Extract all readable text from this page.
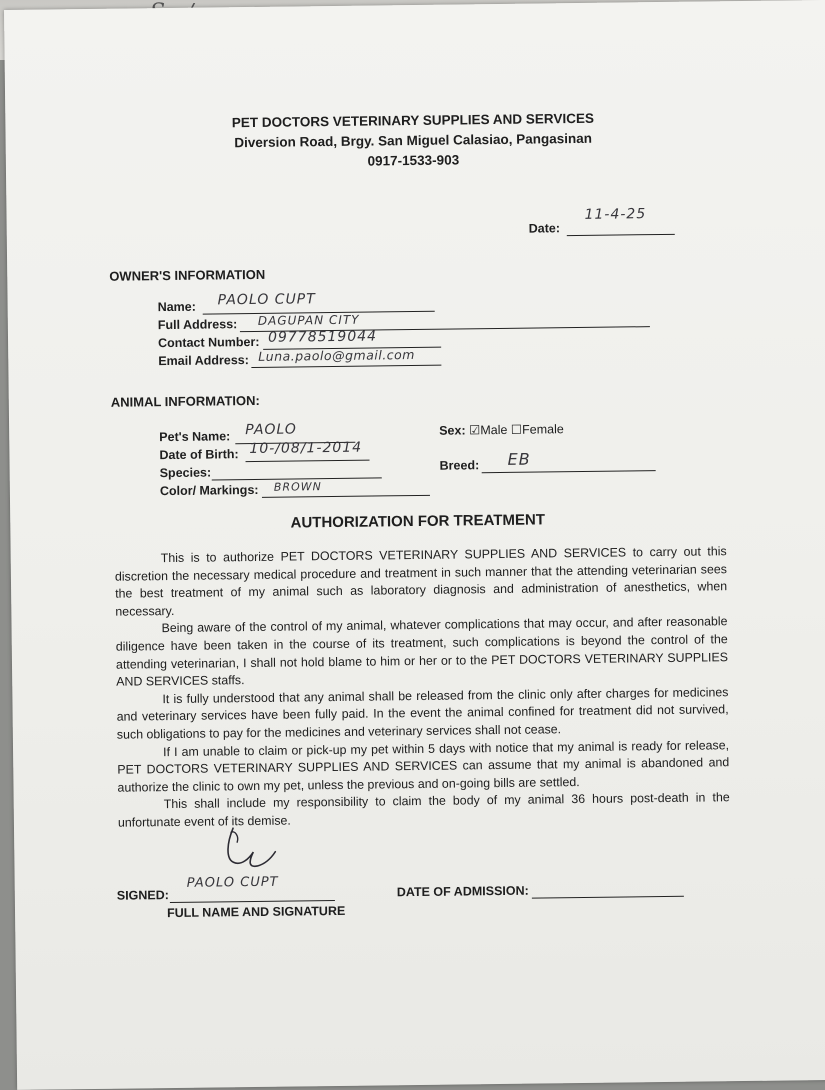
PET DOCTORS VETERINARY SUPPLIES AND SERVICES
Diversion Road, Brgy. San Miguel Calasiao, Pangasinan
0917-1533-903
Date:
11-4-25
OWNER'S INFORMATION
Name: PAOLO CUPT
Full Address: DAGUPAN CITY
Contact Number: 09778519044
Email Address: Luna.paolo@gmail.com
ANIMAL INFORMATION:
Pet's Name: PAOLO
Date of Birth: 10-/08/1-2014
Species:
Color/ Markings: BROWN
Sex: ☑Male ☐Female
Breed: EB
AUTHORIZATION FOR TREATMENT

This is to authorize PET DOCTORS VETERINARY SUPPLIES AND SERVICES to carry out this discretion the necessary medical procedure and treatment in such manner that the attending veterinarian sees the best treatment of my animal such as laboratory diagnosis and administration of anesthetics, when necessary.

Being aware of the control of my animal, whatever complications that may occur, and after reasonable diligence have been taken in the course of its treatment, such complications is beyond the control of the attending veterinarian, I shall not hold blame to him or her or to the PET DOCTORS VETERINARY SUPPLIES AND SERVICES staffs.

It is fully understood that any animal shall be released from the clinic only after charges for medicines and veterinary services have been fully paid. In the event the animal confined for treatment did not survived, such obligations to pay for the medicines and veterinary services shall not cease.

If I am unable to claim or pick-up my pet within 5 days with notice that my animal is ready for release, PET DOCTORS VETERINARY SUPPLIES AND SERVICES can assume that my animal is abandoned and authorize the clinic to own my pet, unless the previous and on-going bills are settled.

This shall include my responsibility to claim the body of my animal 36 hours post-death in the unfortunate event of its demise.

SIGNED:
PAOLO CUPT
FULL NAME AND SIGNATURE
DATE OF ADMISSION:
